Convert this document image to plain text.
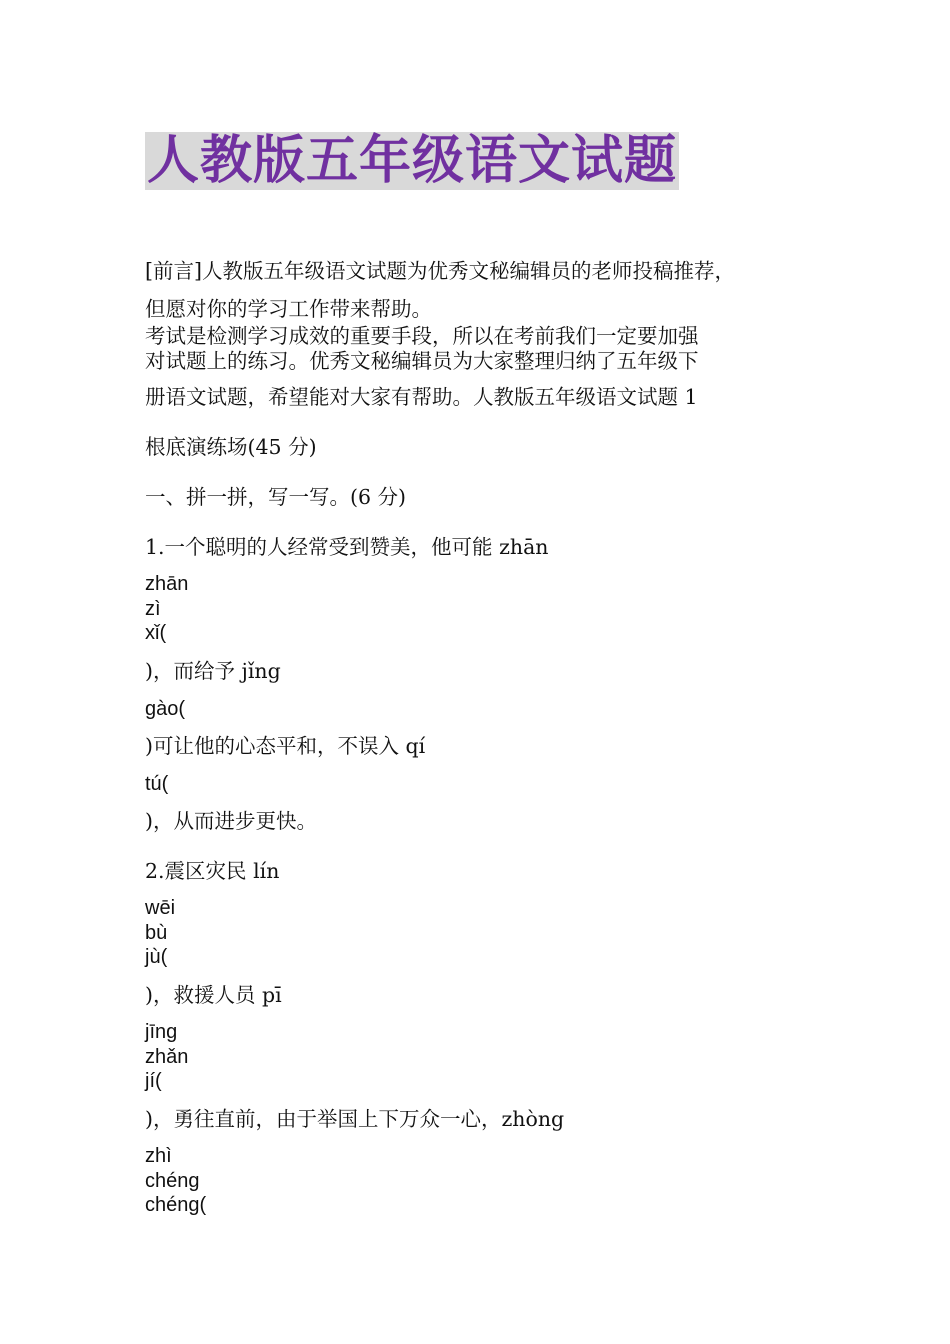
人教版五年级语文试题
[前言]人教版五年级语文试题为优秀文秘编辑员的老师投稿推荐，
但愿对你的学习工作带来帮助。
考试是检测学习成效的重要手段，所以在考前我们一定要加强
对试题上的练习。优秀文秘编辑员为大家整理归纳了五年级下
册语文试题，希望能对大家有帮助。人教版五年级语文试题 1
根底演练场(45 分)
一、拼一拼，写一写。(6 分)
1.一个聪明的人经常受到赞美，他可能 zhān
zhān
zì
xǐ(
)，而给予 jǐng
gào(
)可让他的心态平和，不误入 qí
tú(
)，从而进步更快。
2.震区灾民 lín
wēi
bù
jù(
)，救援人员 pī
jīng
zhǎn
jí(
)，勇往直前，由于举国上下万众一心，zhòng
zhì
chéng
chéng(
